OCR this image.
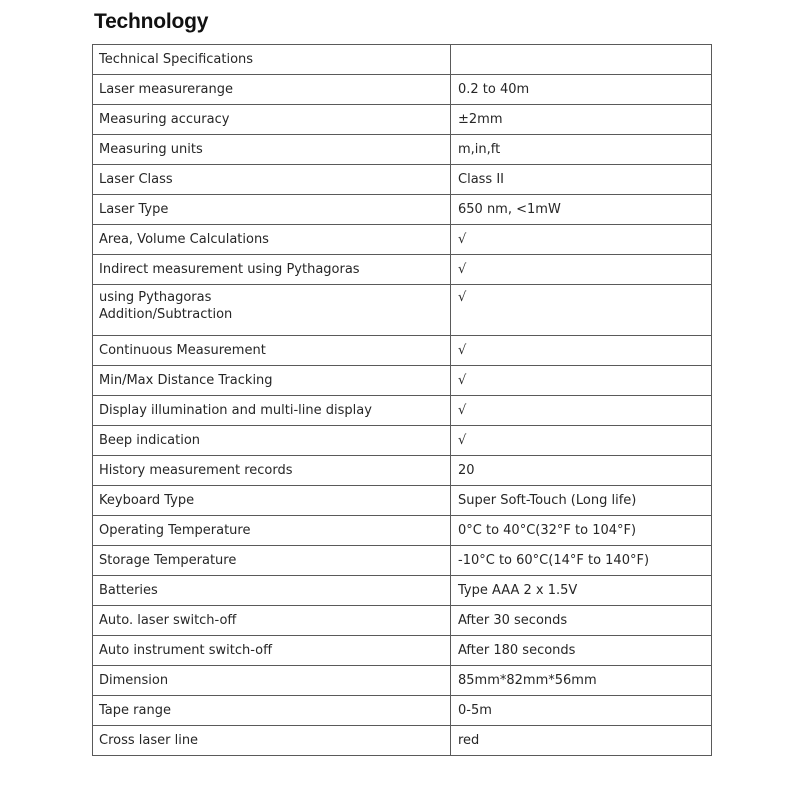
Technology
Technical Specifications	
Laser measurerange	0.2 to 40m
Measuring accuracy	±2mm
Measuring units	m,in,ft
Laser Class	Class II
Laser Type	650 nm, <1mW
Area, Volume Calculations	√
Indirect measurement using Pythagoras	√
using Pythagoras
Addition/Subtraction	√
Continuous Measurement	√
Min/Max Distance Tracking	√
Display illumination and multi-line display	√
Beep indication	√
History measurement records	20
Keyboard Type	Super Soft-Touch (Long life)
Operating Temperature	0°C to 40°C(32°F to 104°F)
Storage Temperature	-10°C to 60°C(14°F to 140°F)
Batteries	Type AAA 2 x 1.5V
Auto. laser switch-off	After 30 seconds
Auto instrument switch-off	After 180 seconds
Dimension	85mm*82mm*56mm
Tape range	0-5m
Cross laser line	red
